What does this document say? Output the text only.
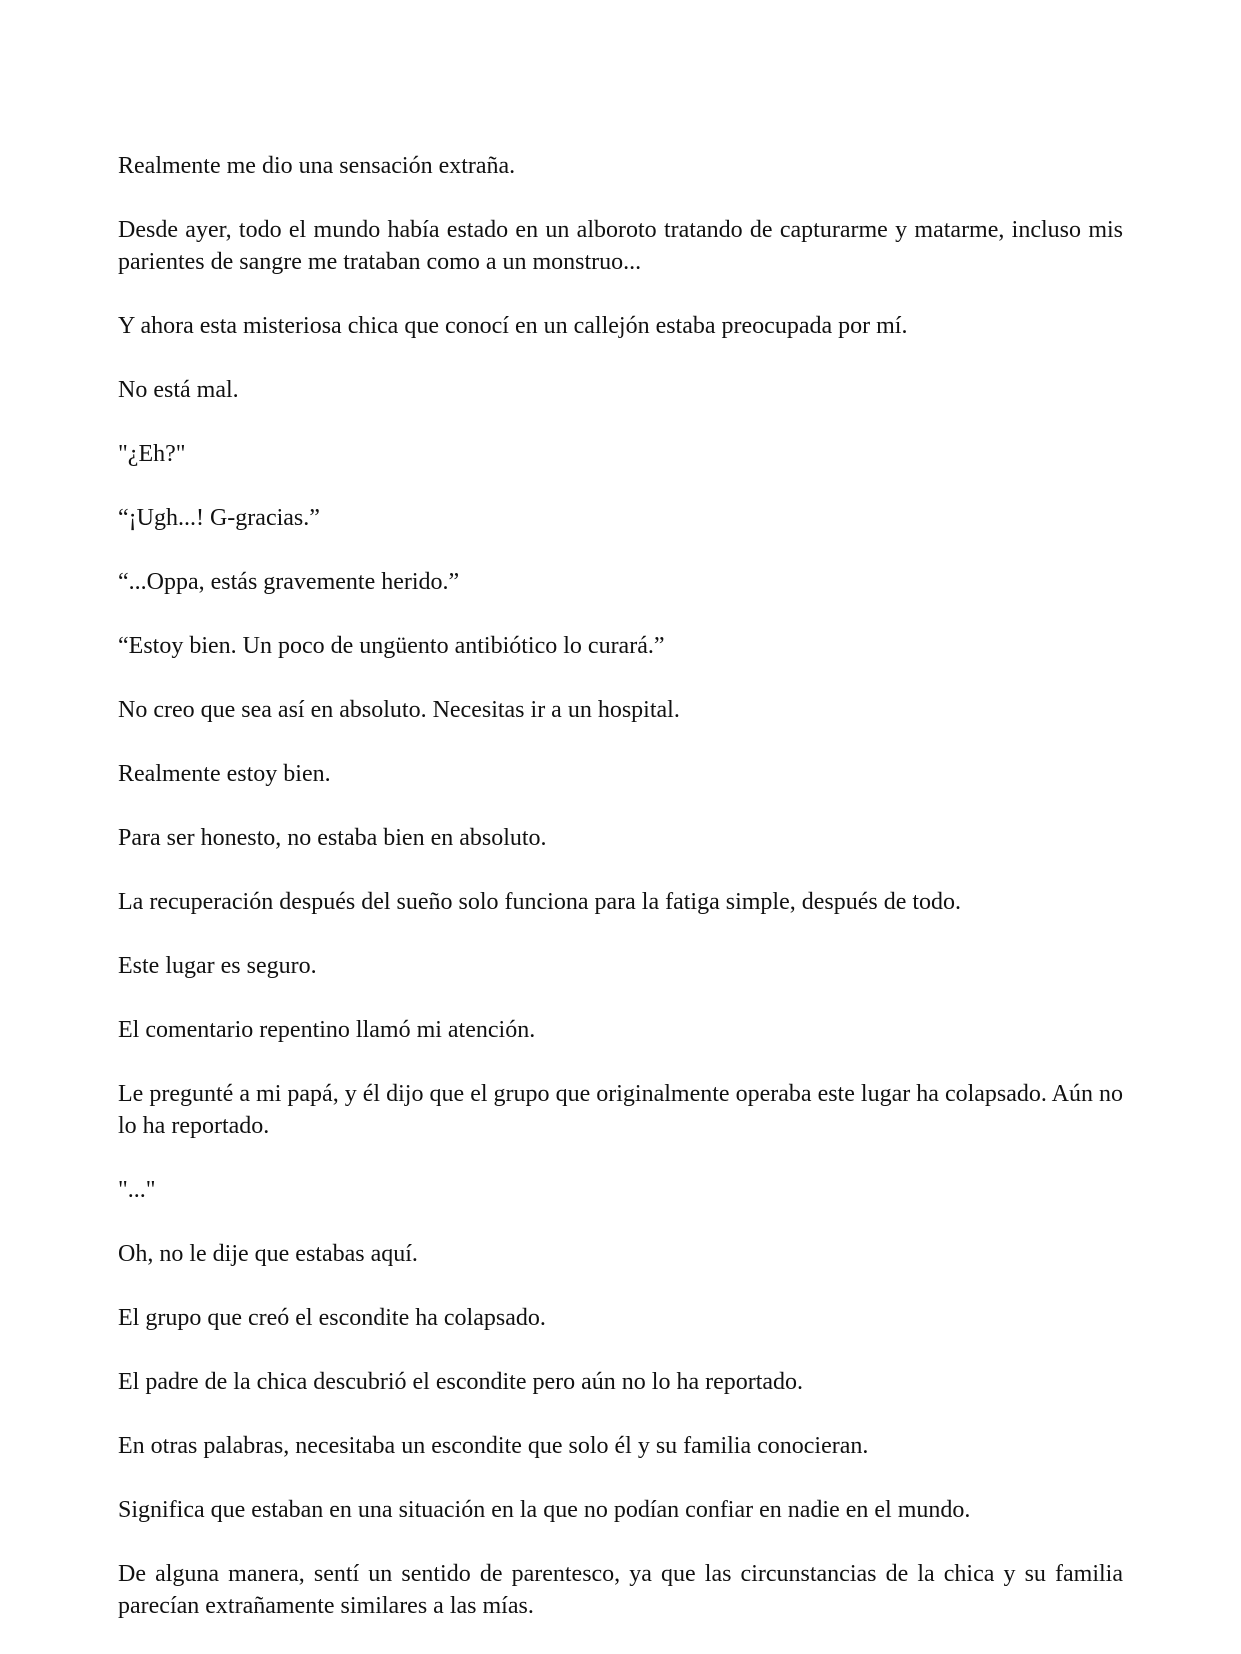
Realmente me dio una sensación extraña.

Desde ayer, todo el mundo había estado en un alboroto tratando de capturarme y matarme, incluso mis parientes de sangre me trataban como a un monstruo...

Y ahora esta misteriosa chica que conocí en un callejón estaba preocupada por mí.

No está mal.

"¿Eh?"

“¡Ugh...! G-gracias.”

“...Oppa, estás gravemente herido.”

“Estoy bien. Un poco de ungüento antibiótico lo curará.”

No creo que sea así en absoluto. Necesitas ir a un hospital.

Realmente estoy bien.

Para ser honesto, no estaba bien en absoluto.

La recuperación después del sueño solo funciona para la fatiga simple, después de todo.

Este lugar es seguro.

El comentario repentino llamó mi atención.

Le pregunté a mi papá, y él dijo que el grupo que originalmente operaba este lugar ha colapsado. Aún no lo ha reportado.

"..."

Oh, no le dije que estabas aquí.

El grupo que creó el escondite ha colapsado.

El padre de la chica descubrió el escondite pero aún no lo ha reportado.

En otras palabras, necesitaba un escondite que solo él y su familia conocieran.

Significa que estaban en una situación en la que no podían confiar en nadie en el mundo.

De alguna manera, sentí un sentido de parentesco, ya que las circunstancias de la chica y su familia parecían extrañamente similares a las mías.
